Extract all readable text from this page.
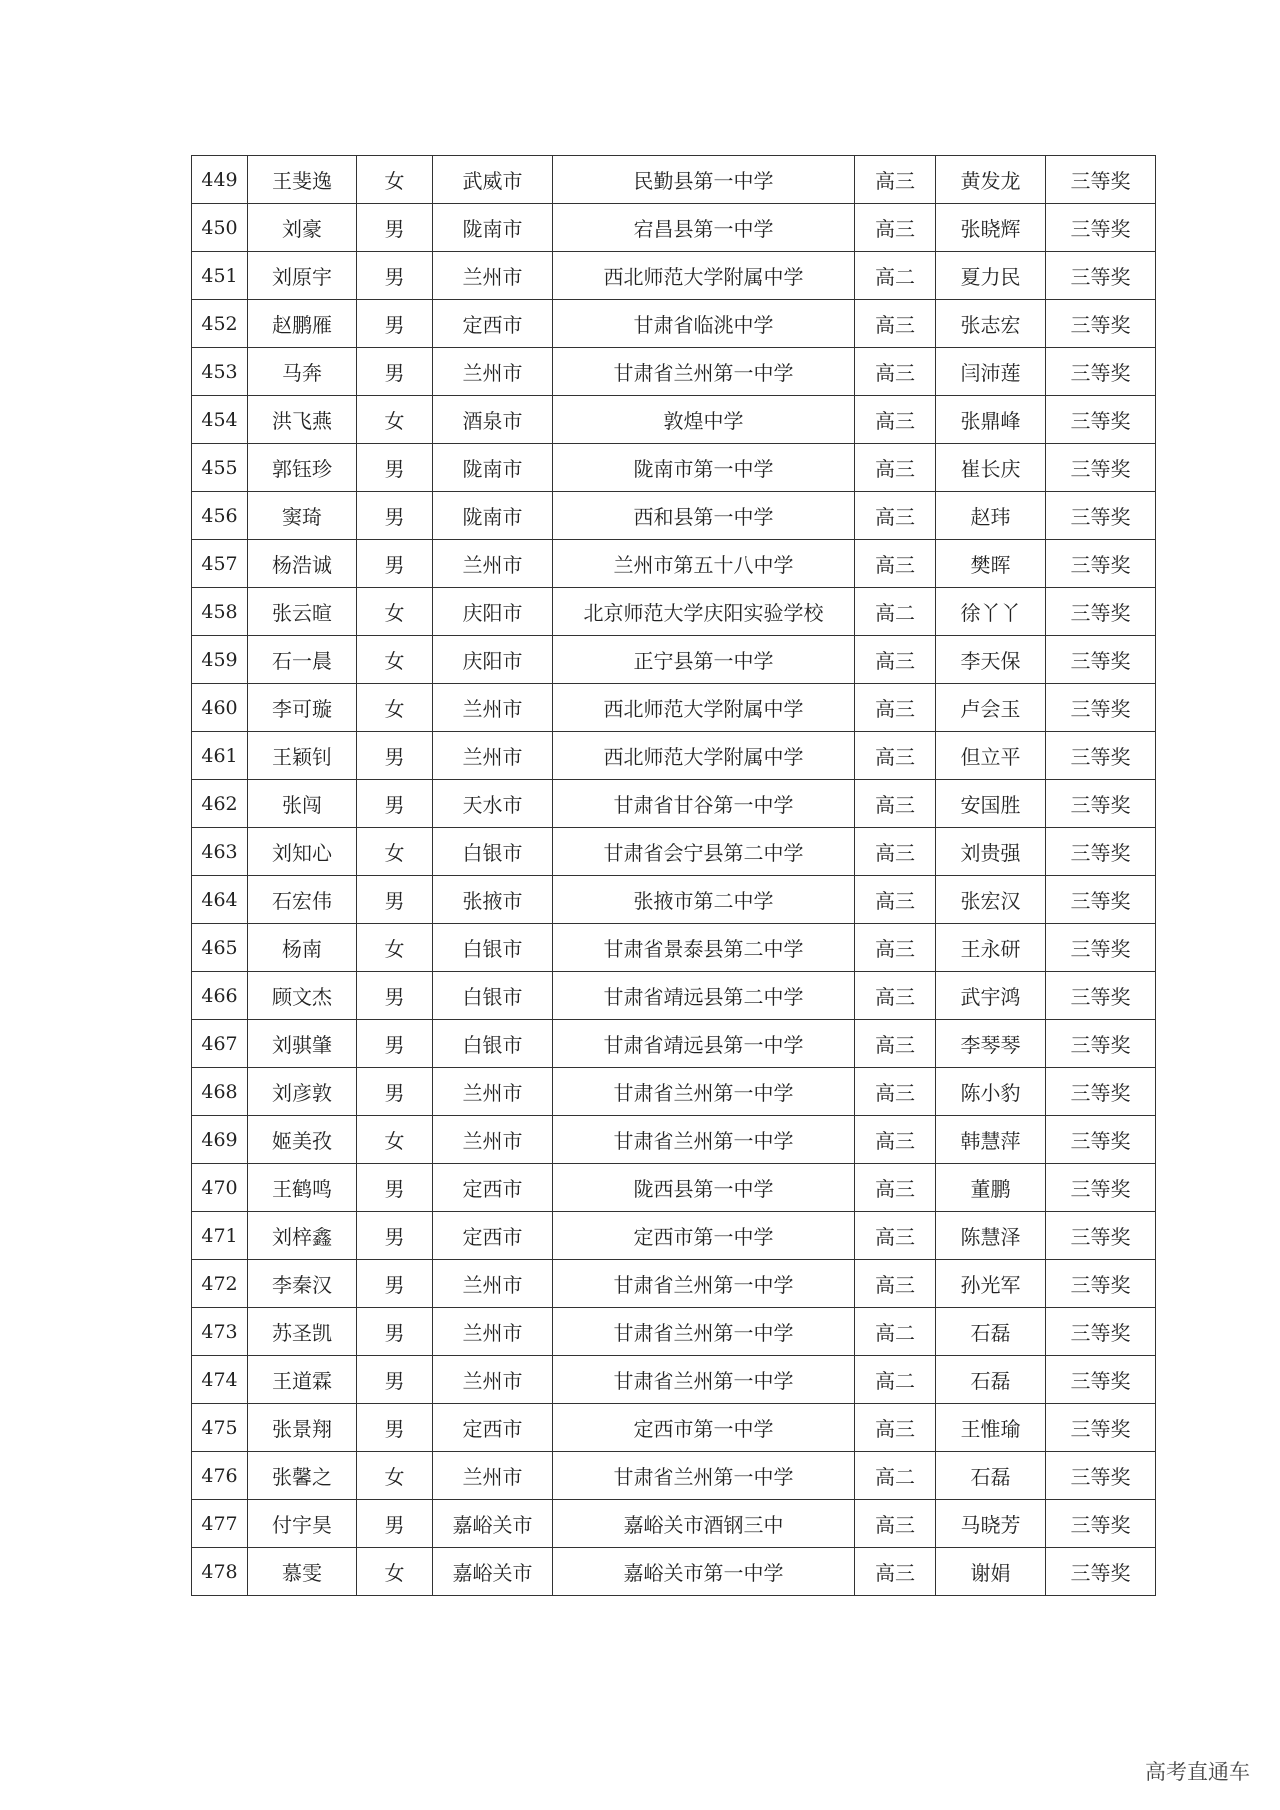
449	王斐逸	女	武威市	民勤县第一中学	高三	黄发龙	三等奖
450	刘豪	男	陇南市	宕昌县第一中学	高三	张晓辉	三等奖
451	刘原宇	男	兰州市	西北师范大学附属中学	高二	夏力民	三等奖
452	赵鹏雁	男	定西市	甘肃省临洮中学	高三	张志宏	三等奖
453	马奔	男	兰州市	甘肃省兰州第一中学	高三	闫沛莲	三等奖
454	洪飞燕	女	酒泉市	敦煌中学	高三	张鼎峰	三等奖
455	郭钰珍	男	陇南市	陇南市第一中学	高三	崔长庆	三等奖
456	窦琦	男	陇南市	西和县第一中学	高三	赵玮	三等奖
457	杨浩诚	男	兰州市	兰州市第五十八中学	高三	樊晖	三等奖
458	张云暄	女	庆阳市	北京师范大学庆阳实验学校	高二	徐丫丫	三等奖
459	石一晨	女	庆阳市	正宁县第一中学	高三	李天保	三等奖
460	李可璇	女	兰州市	西北师范大学附属中学	高三	卢会玉	三等奖
461	王颖钊	男	兰州市	西北师范大学附属中学	高三	但立平	三等奖
462	张闯	男	天水市	甘肃省甘谷第一中学	高三	安国胜	三等奖
463	刘知心	女	白银市	甘肃省会宁县第二中学	高三	刘贵强	三等奖
464	石宏伟	男	张掖市	张掖市第二中学	高三	张宏汉	三等奖
465	杨南	女	白银市	甘肃省景泰县第二中学	高三	王永研	三等奖
466	顾文杰	男	白银市	甘肃省靖远县第二中学	高三	武宇鸿	三等奖
467	刘骐肇	男	白银市	甘肃省靖远县第一中学	高三	李琴琴	三等奖
468	刘彦敦	男	兰州市	甘肃省兰州第一中学	高三	陈小豹	三等奖
469	姬美孜	女	兰州市	甘肃省兰州第一中学	高三	韩慧萍	三等奖
470	王鹤鸣	男	定西市	陇西县第一中学	高三	董鹏	三等奖
471	刘梓鑫	男	定西市	定西市第一中学	高三	陈慧泽	三等奖
472	李秦汉	男	兰州市	甘肃省兰州第一中学	高三	孙光军	三等奖
473	苏圣凯	男	兰州市	甘肃省兰州第一中学	高二	石磊	三等奖
474	王道霖	男	兰州市	甘肃省兰州第一中学	高二	石磊	三等奖
475	张景翔	男	定西市	定西市第一中学	高三	王惟瑜	三等奖
476	张馨之	女	兰州市	甘肃省兰州第一中学	高二	石磊	三等奖
477	付宇昊	男	嘉峪关市	嘉峪关市酒钢三中	高三	马晓芳	三等奖
478	慕雯	女	嘉峪关市	嘉峪关市第一中学	高三	谢娟	三等奖
高考直通车
